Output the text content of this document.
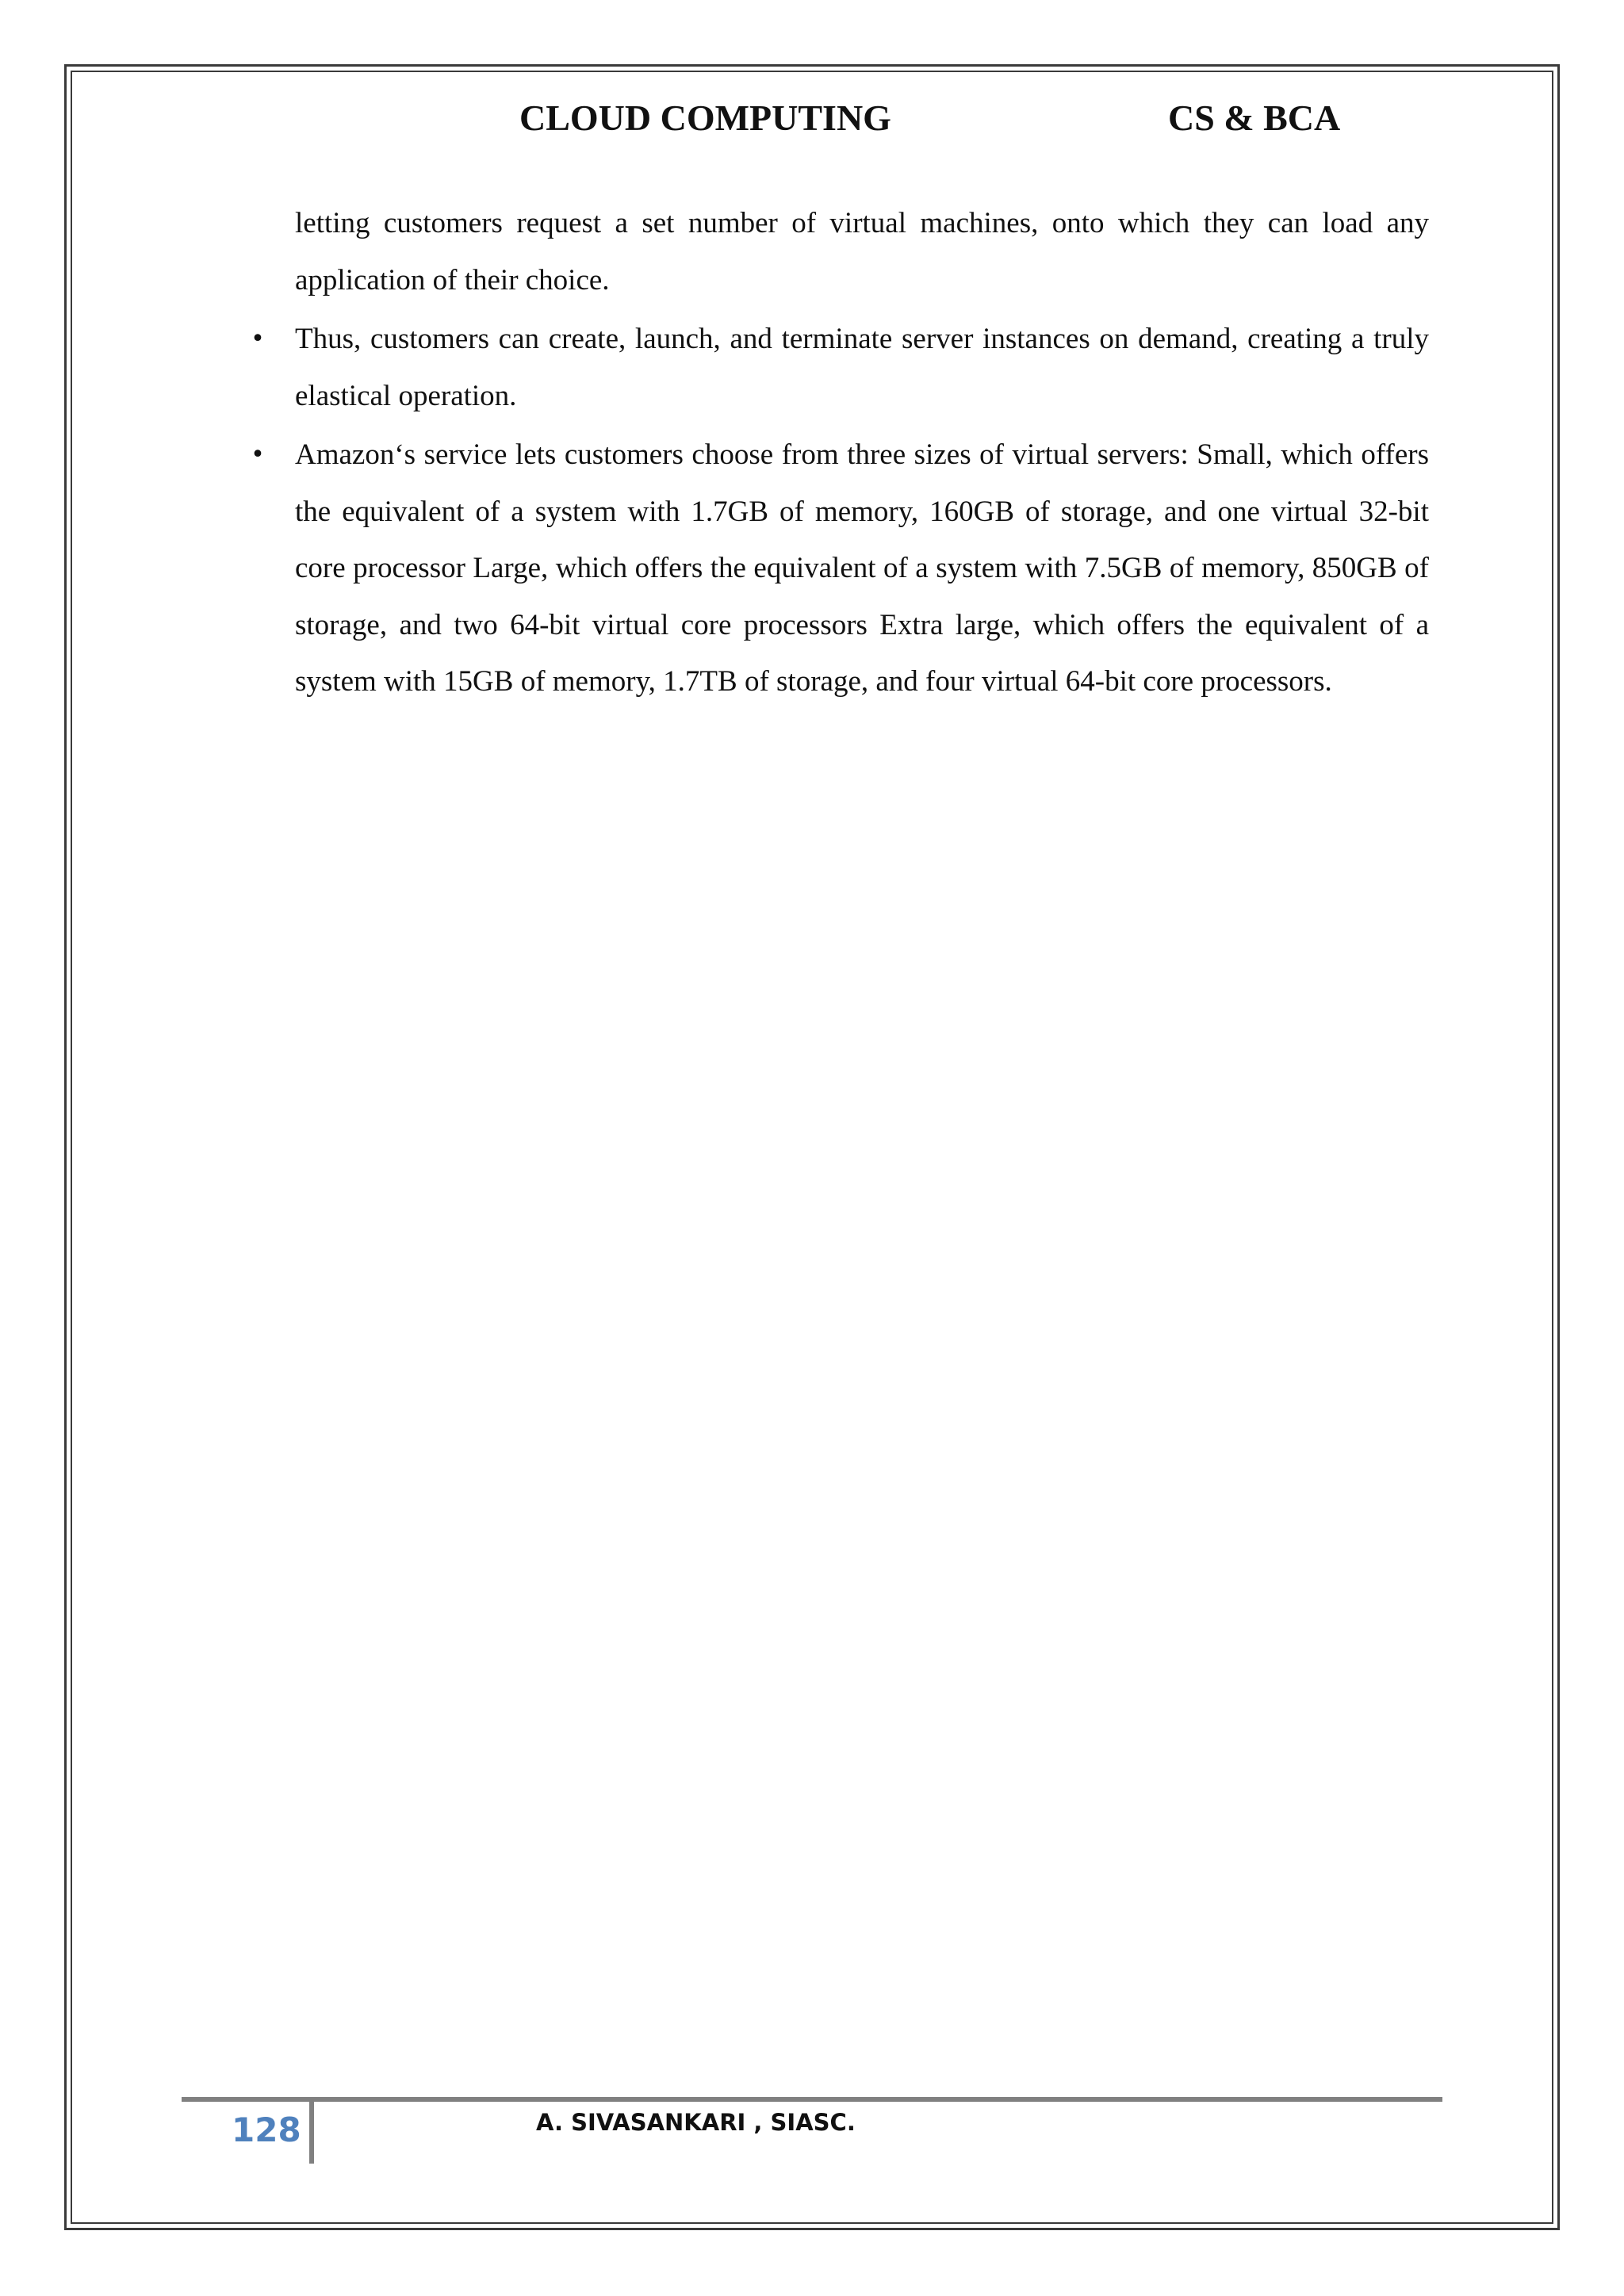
CLOUD COMPUTING	CS & BCA

letting customers request a set number of virtual machines, onto which they can load any application of their choice.

• Thus, customers can create, launch, and terminate server instances on demand, creating a truly elastical operation.

• Amazon‘s service lets customers choose from three sizes of virtual servers: Small, which offers the equivalent of a system with 1.7GB of memory, 160GB of storage, and one virtual 32-bit core processor Large, which offers the equivalent of a system with 7.5GB of memory, 850GB of storage, and two 64-bit virtual core processors Extra large, which offers the equivalent of a system with 15GB of memory, 1.7TB of storage, and four virtual 64-bit core processors.

128	A. SIVASANKARI , SIASC.
